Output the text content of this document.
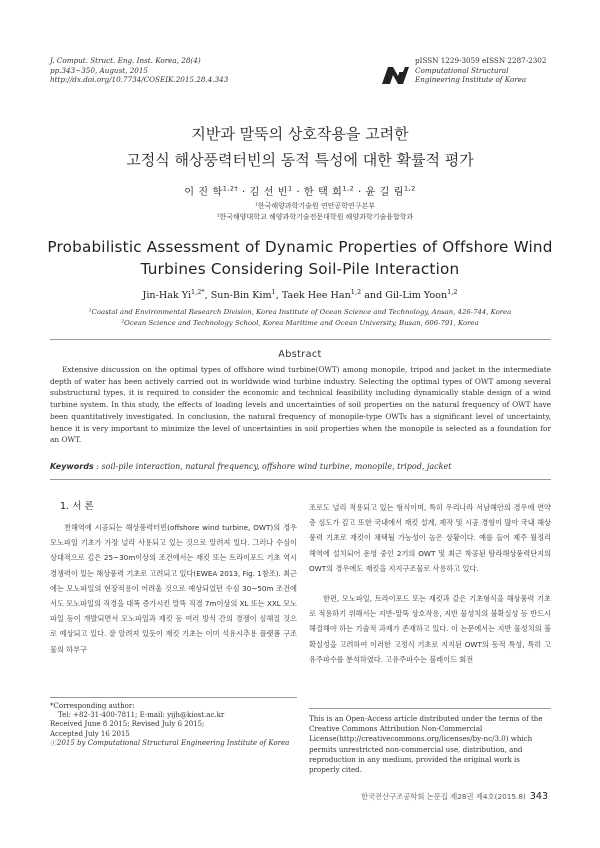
J. Comput. Struct. Eng. Inst. Korea, 28(4)
pp.343~350, August, 2015
http://dx.doi.org/10.7734/COSEIK.2015.28.4.343
pISSN 1229-3059 eISSN 2287-2302
Computational Structural
Engineering Institute of Korea
지반과 말뚝의 상호작용을 고려한
고정식 해상풍력터빈의 동적 특성에 대한 확률적 평가
이 진 학$^{1,2\dagger}$ · 김 선 빈$^1$ · 한 택 희$^{1,2}$ · 윤 길 림$^{1,2}$
¹한국해양과학기술원 연안공학연구본부
²한국해양대학교 해양과학기술전문대학원 해양과학기술융합학과
Probabilistic Assessment of Dynamic Properties of Offshore Wind
Turbines Considering Soil-Pile Interaction
Jin-Hak $Yi^{1,2*}$, Sun-Bin Kim$^1$, Taek Hee Han$^{1,2}$ and Gil-Lim Yoon$^{1,2}$
¹Coastal and Environmental Research Division, Korea Institute of Ocean Science and Technology, Ansan, 426-744, Korea
²Ocean Science and Technology School, Korea Maritime and Ocean University, Busan, 606-791, Korea
Abstract
Extensive discussion on the optimal types of offshore wind turbine(OWT) among monopile, tripod and jacket in the intermediate depth of water has been actively carried out in worldwide wind turbine industry. Selecting the optimal types of OWT among several substructural types, it is required to consider the economic and technical feasibility including dynamically stable design of a wind turbine system. In this study, the effects of loading levels and uncertainties of soil properties on the natural frequency of OWT have been quantitatively investigated. In conclusion, the natural frequency of monopile-type OWTs has a significant level of uncertainty, hence it is very important to minimize the level of uncertainties in soil properties when the monopile is selected as a foundation for an OWT.
Keywords : soil-pile interaction, natural frequency, offshore wind turbine, monopile, tripod, jacket
1. 서 론

천해역에 시공되는 해상풍력터빈(offshore wind turbine, OWT)의 경우 모노파일 기초가 가장 널리 사용되고 있는 것으로 알려져 있다. 그러나 수심이 상대적으로 깊은 25~30m이상의 조건에서는 재킷 또는 트라이포드 기초 역시 경쟁력이 있는 해상풍력 기초로 고려되고 있다(EWEA 2013, Fig. 1참조). 최근에는 모노파일의 현장적용이 어려울 것으로 예상되었던 수심 30~50m 조건에서도 모노파일의 직경을 대폭 증가시킨 말뚝 직경 7m이상의 XL 또는 XXL 모노파일 등이 개발되면서 모노파일과 재킷 등 여러 방식 간의 경쟁이 심해질 것으로 예상되고 있다. 잘 알려져 있듯이 재킷 기초는 이미 석유시추용 플랫폼 구조물의 하부구

조로도 널리 적용되고 있는 형식이며, 특히 우리나라 서남해안의 경우에 연약층 심도가 깊고 또한 국내에서 재킷 설계, 제작 및 시공 경험이 많아 국내 해상풍력 기초로 재킷이 채택될 가능성이 높은 상황이다. 예를 들어 제주 월정리 해역에 설치되어 운영 중인 2기의 OWT 및 최근 착공된 탐라해상풍력단지의 OWT의 경우에도 재킷을 지지구조물로 사용하고 있다.

한편, 모노파일, 트라이포드 또는 재킷과 같은 기초형식을 해상풍력 기초로 적용하기 위해서는 지반-말뚝 상호작용, 지반 물성치의 불확실성 등 반드시 해결해야 하는 기술적 과제가 존재하고 있다. 이 논문에서는 지반 물성치의 불확실성을 고려하여 이러한 고정식 기초로 지지된 OWT의 동적 특성, 특히 고유주파수를 분석하였다. 고유주파수는 블레이드 회전

*Corresponding author:
Tel: +82-31-400-7811; E-mail: yijh@kiost.ac.kr
Received June 8 2015; Revised July 6 2015;
Accepted July 16 2015
ⓒ2015 by Computational Structural Engineering Institute of Korea
This is an Open-Access article distributed under the terms of the Creative Commons Attribution Non-Commercial License(http://creativecommons.org/licenses/by-nc/3.0) which permits unrestricted non-commercial use, distribution, and reproduction in any medium, provided the original work is properly cited.
한국전산구조공학회 논문집 제28권 제4호(2015.8) 343
